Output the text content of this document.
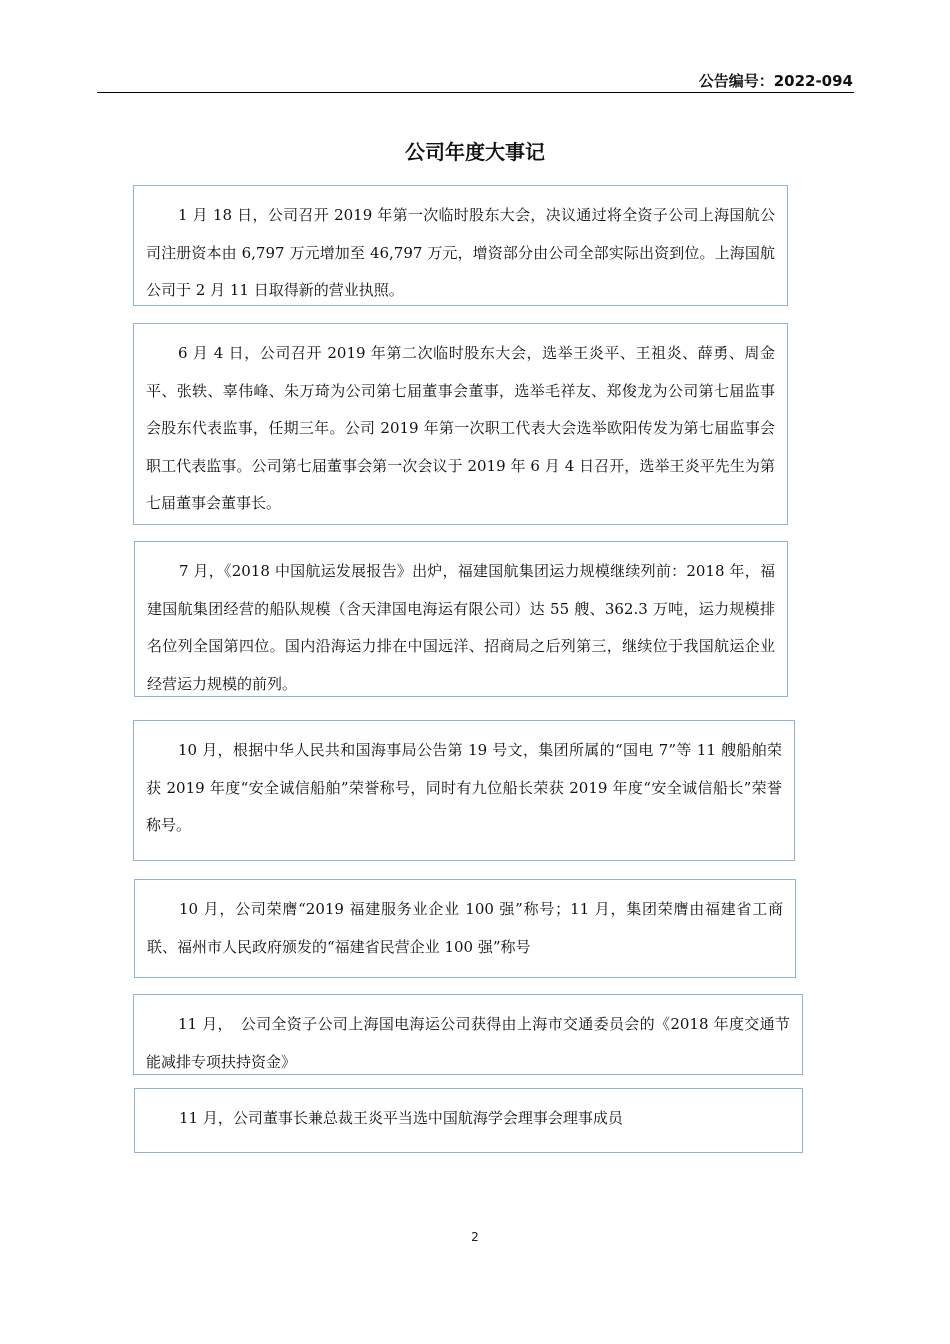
公告编号：2022-094
公司年度大事记

1 月 18 日，公司召开 2019 年第一次临时股东大会，决议通过将全资子公司上海国航公司注册资本由 6,797 万元增加至 46,797 万元，增资部分由公司全部实际出资到位。上海国航公司于 2 月 11 日取得新的营业执照。

6 月 4 日，公司召开 2019 年第二次临时股东大会，选举王炎平、王祖炎、薛勇、周金平、张轶、辜伟峰、朱万琦为公司第七届董事会董事，选举毛祥友、郑俊龙为公司第七届监事会股东代表监事，任期三年。公司 2019 年第一次职工代表大会选举欧阳传发为第七届监事会职工代表监事。公司第七届董事会第一次会议于 2019 年 6 月 4 日召开，选举王炎平先生为第七届董事会董事长。

7 月，《2018 中国航运发展报告》出炉，福建国航集团运力规模继续列前：2018 年，福建国航集团经营的船队规模（含天津国电海运有限公司）达 55 艘、362.3 万吨，运力规模排名位列全国第四位。国内沿海运力排在中国远洋、招商局之后列第三，继续位于我国航运企业经营运力规模的前列。

10 月，根据中华人民共和国海事局公告第 19 号文，集团所属的“国电 7”等 11 艘船舶荣获 2019 年度“安全诚信船舶”荣誉称号，同时有九位船长荣获 2019 年度“安全诚信船长”荣誉称号。

10 月，公司荣膺“2019 福建服务业企业 100 强”称号；11 月，集团荣膺由福建省工商联、福州市人民政府颁发的“福建省民营企业 100 强”称号

11 月，　公司全资子公司上海国电海运公司获得由上海市交通委员会的《2018 年度交通节能减排专项扶持资金》

11 月，公司董事长兼总裁王炎平当选中国航海学会理事会理事成员

2
